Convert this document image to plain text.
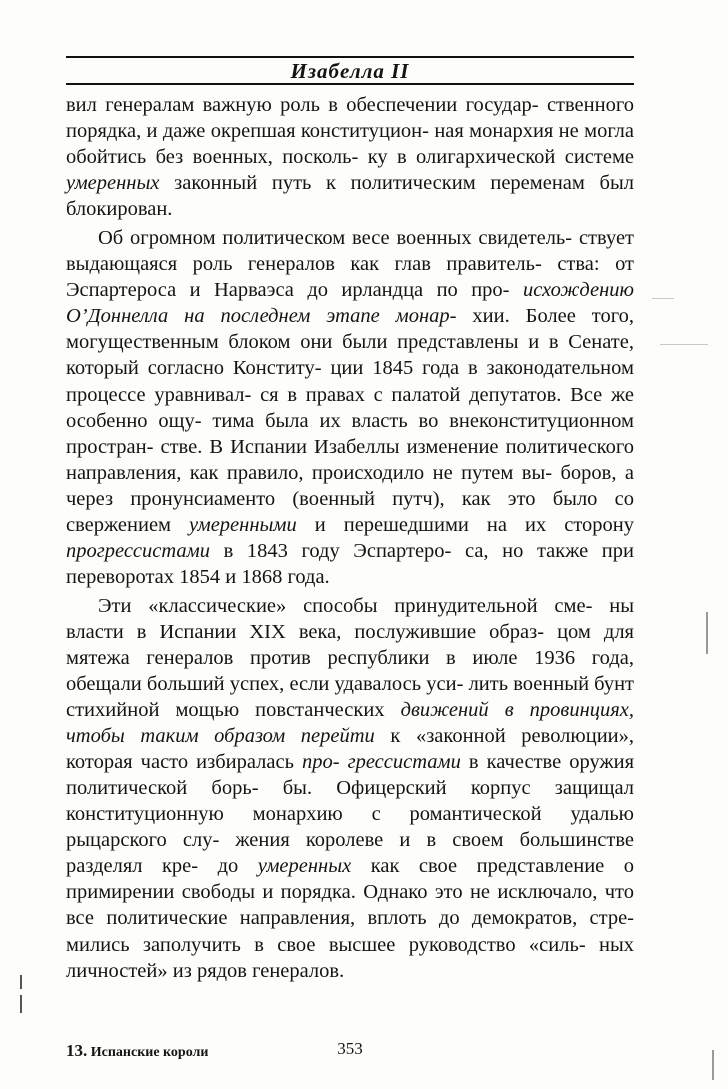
Изабелла II

вил генералам важную роль в обеспечении государ- ственного порядка, и даже окрепшая конституцион- ная монархия не могла обойтись без военных, посколь- ку в олигархической системе умеренных законный путь к политическим переменам был блокирован.

Об огромном политическом весе военных свидетель- ствует выдающаяся роль генералов как глав правитель- ства: от Эспартероса и Нарваэса до ирландца по про- исхождению О’Доннелла на последнем этапе монар- хии. Более того, могущественным блоком они были представлены и в Сенате, который согласно Конститу- ции 1845 года в законодательном процессе уравнивал- ся в правах с палатой депутатов. Все же особенно ощу- тима была их власть во внеконституционном простран- стве. В Испании Изабеллы изменение политического направления, как правило, происходило не путем вы- боров, а через пронунсиаменто (военный путч), как это было со свержением умеренными и перешедшими на их сторону прогрессистами в 1843 году Эспартеро- са, но также при переворотах 1854 и 1868 года.

Эти «классические» способы принудительной сме- ны власти в Испании XIX века, послужившие образ- цом для мятежа генералов против республики в июле 1936 года, обещали больший успех, если удавалось уси- лить военный бунт стихийной мощью повстанческих движений в провинциях, чтобы таким образом перейти к «законной революции», которая часто избиралась про- грессистами в качестве оружия политической борь- бы. Офицерский корпус защищал конституционную монархию с романтической удалью рыцарского слу- жения королеве и в своем большинстве разделял кре- до умеренных как свое представление о примирении свободы и порядка. Однако это не исключало, что все политические направления, вплоть до демократов, стре- мились заполучить в свое высшее руководство «силь- ных личностей» из рядов генералов.

13. Испанские короли	353
